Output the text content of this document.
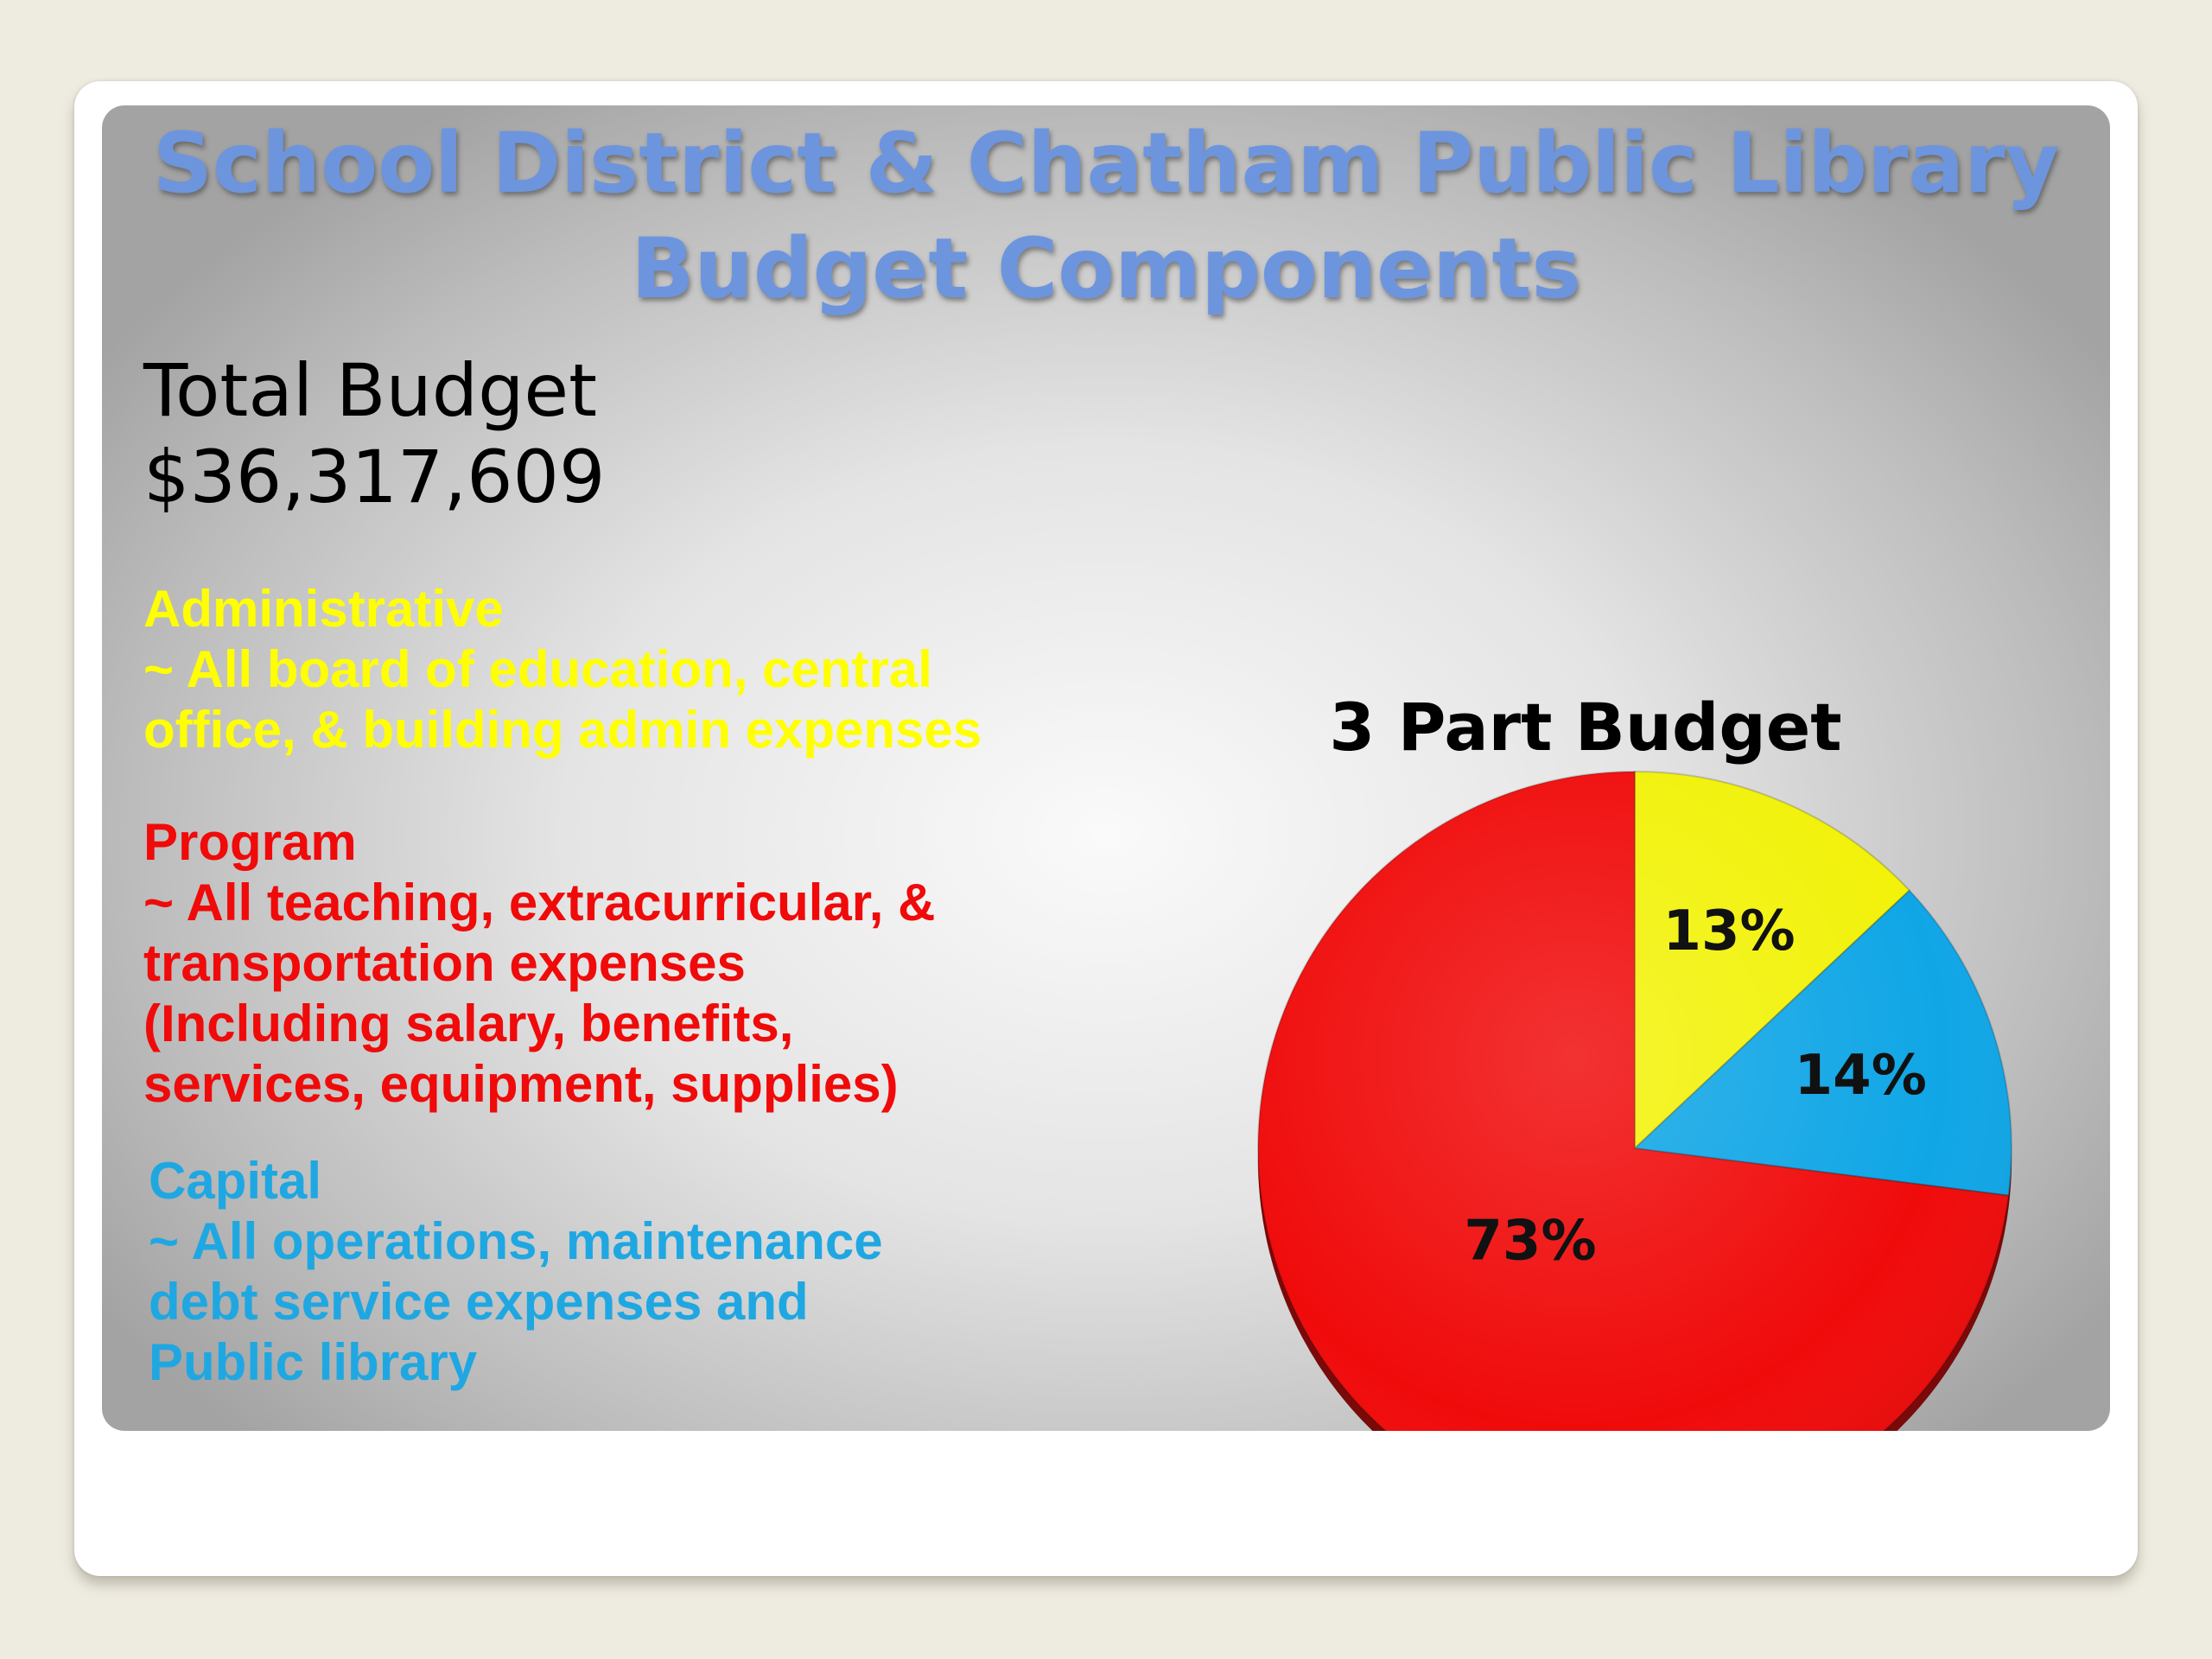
School District & Chatham Public Library
Budget Components
Total Budget
$36,317,609
Administrative
~ All board of education, central
office, & building admin expenses
Program
~ All teaching, extracurricular, &
transportation expenses
(Including salary, benefits,
services, equipment, supplies)
Capital
~ All operations, maintenance
debt service expenses and
Public library
3 Part Budget
13%
14%
73%
